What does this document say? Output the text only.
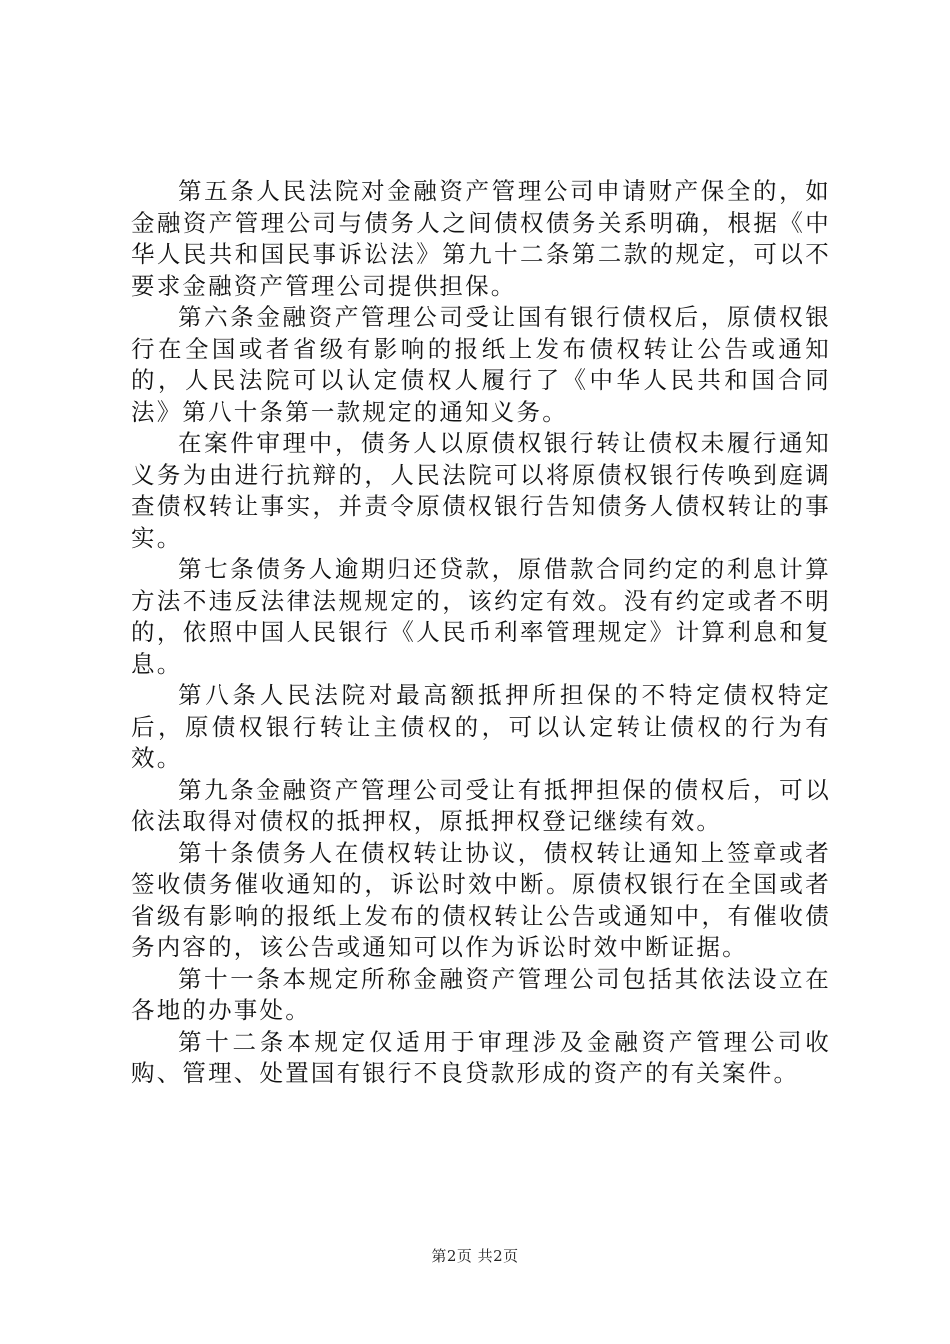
第五条人民法院对金融资产管理公司申请财产保全的，如金融资产管理公司与债务人之间债权债务关系明确，根据《中华人民共和国民事诉讼法》第九十二条第二款的规定，可以不要求金融资产管理公司提供担保。

第六条金融资产管理公司受让国有银行债权后，原债权银行在全国或者省级有影响的报纸上发布债权转让公告或通知的，人民法院可以认定债权人履行了《中华人民共和国合同法》第八十条第一款规定的通知义务。

在案件审理中，债务人以原债权银行转让债权未履行通知义务为由进行抗辩的，人民法院可以将原债权银行传唤到庭调查债权转让事实，并责令原债权银行告知债务人债权转让的事实。

第七条债务人逾期归还贷款，原借款合同约定的利息计算方法不违反法律法规规定的，该约定有效。没有约定或者不明的，依照中国人民银行《人民币利率管理规定》计算利息和复息。

第八条人民法院对最高额抵押所担保的不特定债权特定后，原债权银行转让主债权的，可以认定转让债权的行为有效。

第九条金融资产管理公司受让有抵押担保的债权后，可以依法取得对债权的抵押权，原抵押权登记继续有效。

第十条债务人在债权转让协议，债权转让通知上签章或者签收债务催收通知的，诉讼时效中断。原债权银行在全国或者省级有影响的报纸上发布的债权转让公告或通知中，有催收债务内容的，该公告或通知可以作为诉讼时效中断证据。

第十一条本规定所称金融资产管理公司包括其依法设立在各地的办事处。

第十二条本规定仅适用于审理涉及金融资产管理公司收购、管理、处置国有银行不良贷款形成的资产的有关案件。

第2页 共2页
